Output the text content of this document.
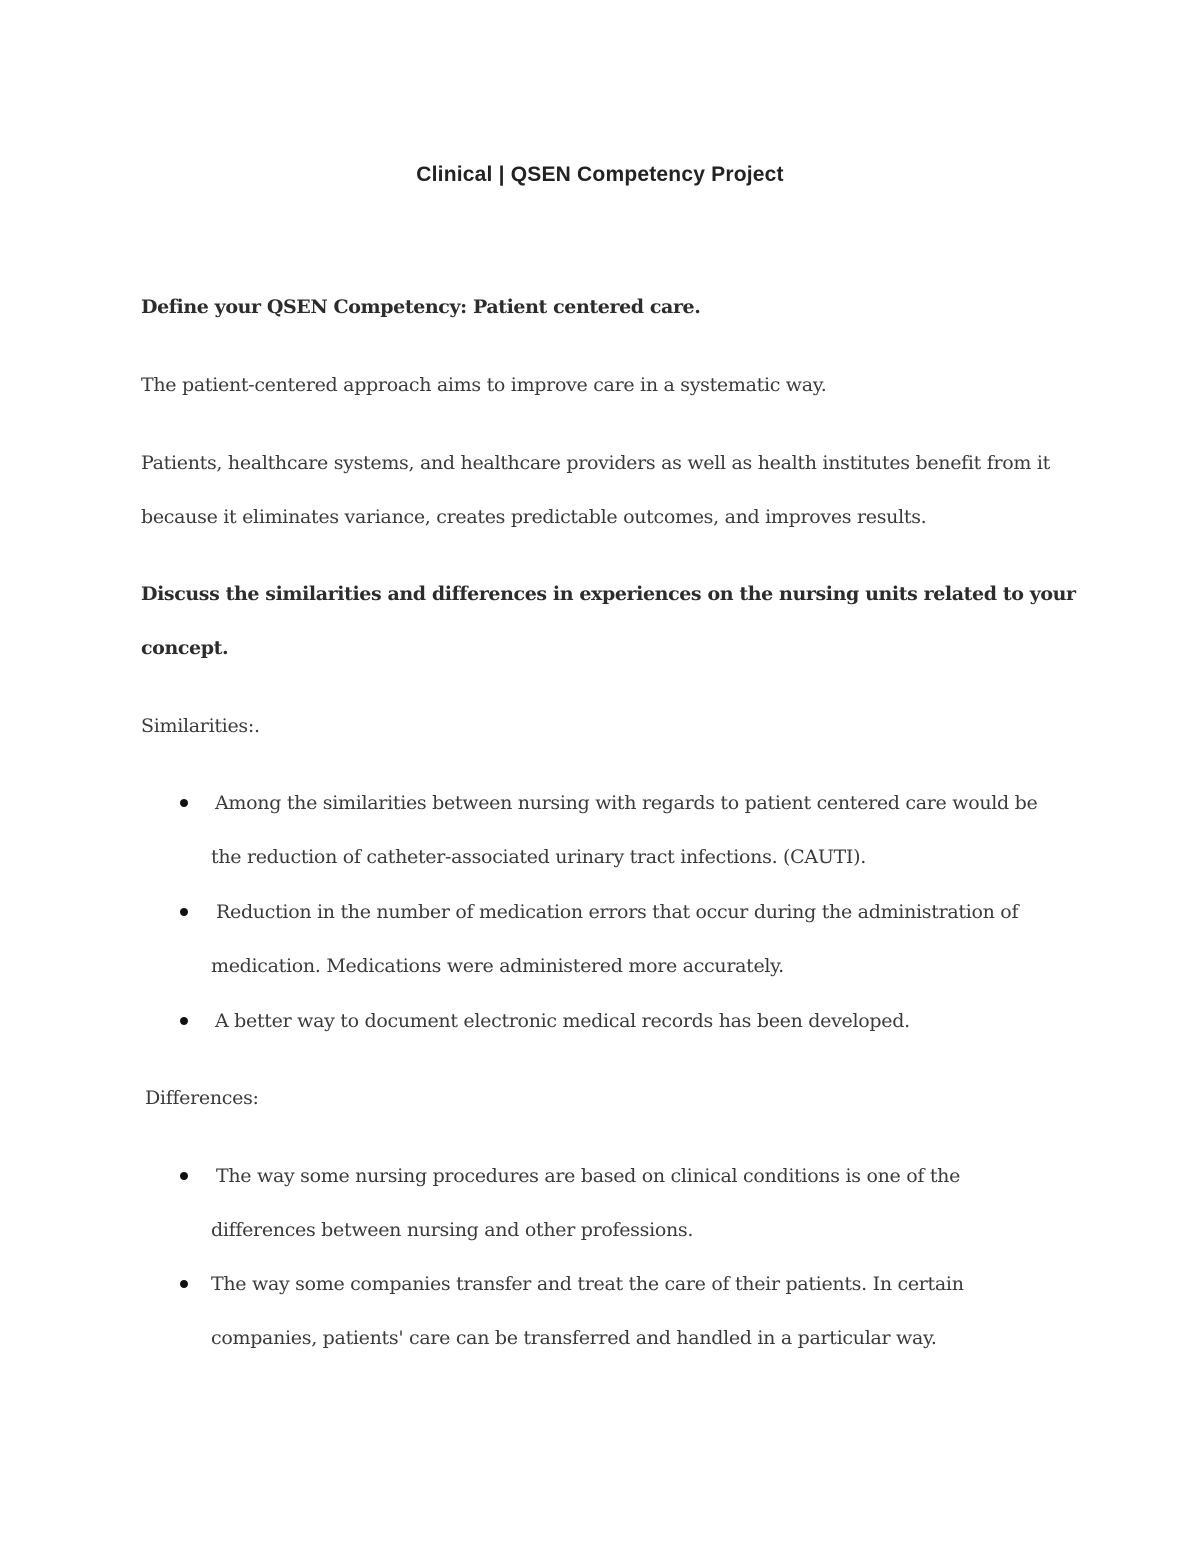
Clinical | QSEN Competency Project
Define your QSEN Competency: Patient centered care.
The patient-centered approach aims to improve care in a systematic way.
Patients, healthcare systems, and healthcare providers as well as health institutes benefit from it
because it eliminates variance, creates predictable outcomes, and improves results.
Discuss the similarities and differences in experiences on the nursing units related to your
concept.
Similarities:.
Among the similarities between nursing with regards to patient centered care would be
the reduction of catheter-associated urinary tract infections. (CAUTI).
Reduction in the number of medication errors that occur during the administration of
medication. Medications were administered more accurately.
A better way to document electronic medical records has been developed.
Differences:
The way some nursing procedures are based on clinical conditions is one of the
differences between nursing and other professions.
The way some companies transfer and treat the care of their patients. In certain
companies, patients' care can be transferred and handled in a particular way.
